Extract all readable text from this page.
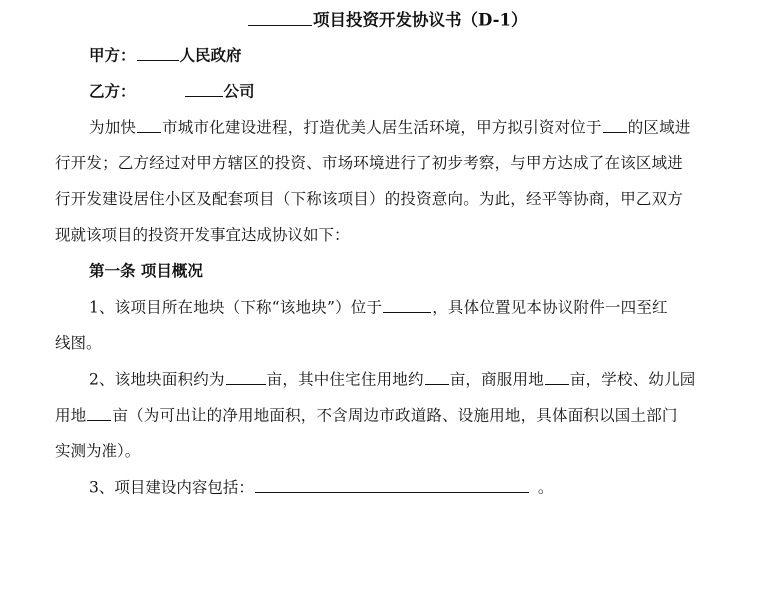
项目投资开发协议书（D-1）
甲方：	人民政府
乙方：	公司
为加快 市城市化建设进程，打造优美人居生活环境，甲方拟引资对位于 的区域进
行开发；乙方经过对甲方辖区的投资、市场环境进行了初步考察，与甲方达成了在该区域进
行开发建设居住小区及配套项目（下称该项目）的投资意向。为此，经平等协商，甲乙双方
现就该项目的投资开发事宜达成协议如下：
第一条 项目概况
1、该项目所在地块（下称“该地块”）位于	，具体位置见本协议附件一四至红
线图。
2、该地块面积约为	亩，其中住宅住用地约 亩，商服用地 亩，学校、幼儿园
用地 亩（为可出让的净用地面积，不含周边市政道路、设施用地，具体面积以国土部门
实测为准）。
3、项目建设内容包括：	。
